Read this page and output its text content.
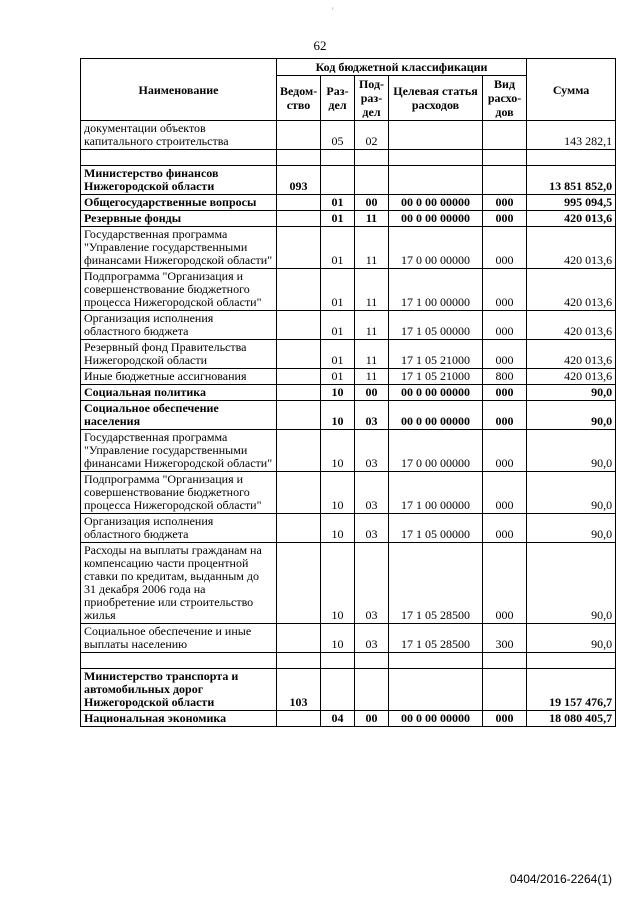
'
62
Наименование	Код бюджетной классификации					Сумма
	Ведом-ство	Раз-дел	Под-раз-дел	Целевая статья расходов	Вид расхо-дов	
документации объектов капитального строительства		05	02			143 282,1

Министерство финансов Нижегородской области	093					13 851 852,0
Общегосударственные вопросы		01	00	00 0 00 00000	000	995 094,5
Резервные фонды		01	11	00 0 00 00000	000	420 013,6
Государственная программа "Управление государственными финансами Нижегородской области"		01	11	17 0 00 00000	000	420 013,6
Подпрограмма "Организация и совершенствование бюджетного процесса Нижегородской области"		01	11	17 1 00 00000	000	420 013,6
Организация исполнения областного бюджета		01	11	17 1 05 00000	000	420 013,6
Резервный фонд Правительства Нижегородской области		01	11	17 1 05 21000	000	420 013,6
Иные бюджетные ассигнования		01	11	17 1 05 21000	800	420 013,6
Социальная политика		10	00	00 0 00 00000	000	90,0
Социальное обеспечение населения		10	03	00 0 00 00000	000	90,0
Государственная программа "Управление государственными финансами Нижегородской области"		10	03	17 0 00 00000	000	90,0
Подпрограмма "Организация и совершенствование бюджетного процесса Нижегородской области"		10	03	17 1 00 00000	000	90,0
Организация исполнения областного бюджета		10	03	17 1 05 00000	000	90,0
Расходы на выплаты гражданам на компенсацию части процентной ставки по кредитам, выданным до 31 декабря 2006 года на приобретение или строительство жилья		10	03	17 1 05 28500	000	90,0
Социальное обеспечение и иные выплаты населению		10	03	17 1 05 28500	300	90,0

Министерство транспорта и автомобильных дорог Нижегородской области	103					19 157 476,7
Национальная экономика		04	00	00 0 00 00000	000	18 080 405,7
0404/2016-2264(1)
